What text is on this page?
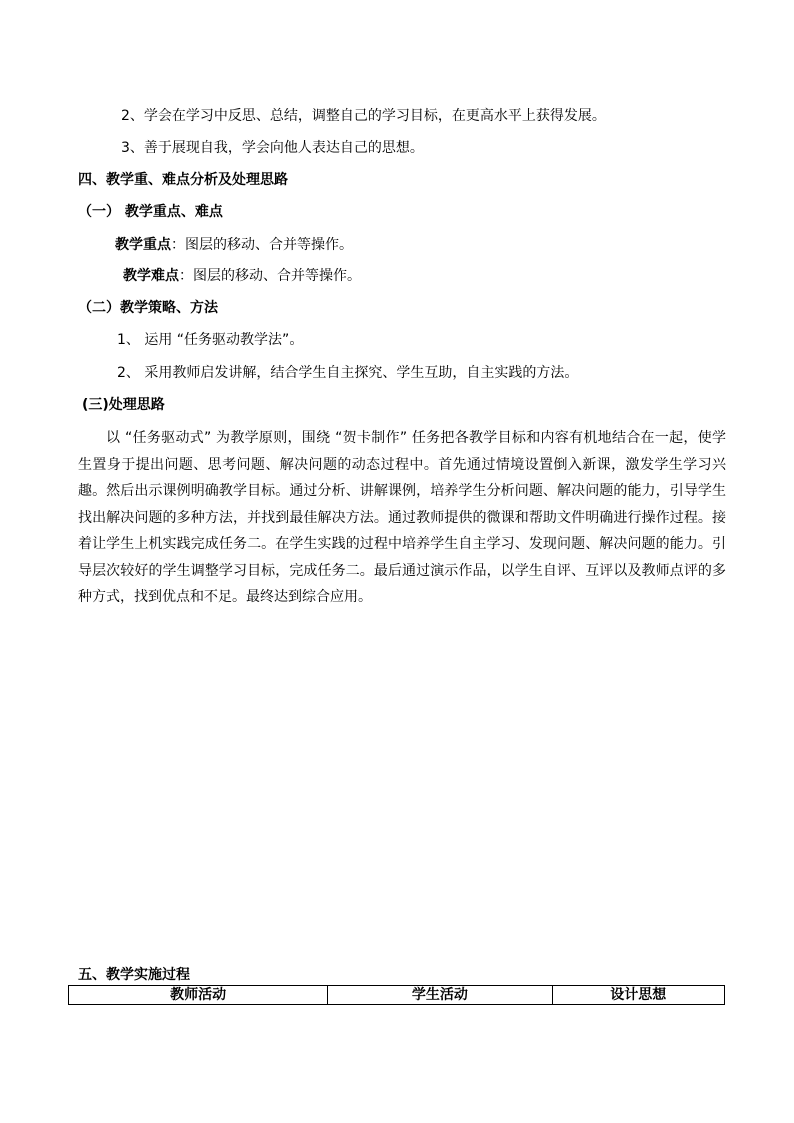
2、学会在学习中反思、总结，调整自己的学习目标，在更高水平上获得发展。
3、善于展现自我，学会向他人表达自己的思想。
四、教学重、难点分析及处理思路
（一） 教学重点、难点
教学重点：图层的移动、合并等操作。
教学难点：图层的移动、合并等操作。
（二）教学策略、方法
1、 运用 “任务驱动教学法”。
2、 采用教师启发讲解，结合学生自主探究、学生互助，自主实践的方法。
(三)处理思路
以 “任务驱动式” 为教学原则，围绕 “贺卡制作” 任务把各教学目标和内容有机地结合在一起，使学生置身于提出问题、思考问题、解决问题的动态过程中。首先通过情境设置倒入新课，激发学生学习兴趣。然后出示课例明确教学目标。通过分析、讲解课例，培养学生分析问题、解决问题的能力，引导学生找出解决问题的多种方法，并找到最佳解决方法。通过教师提供的微课和帮助文件明确进行操作过程。接着让学生上机实践完成任务二。在学生实践的过程中培养学生自主学习、发现问题、解决问题的能力。引导层次较好的学生调整学习目标，完成任务二。最后通过演示作品，以学生自评、互评以及教师点评的多种方式，找到优点和不足。最终达到综合应用。
五、教学实施过程
教师活动	学生活动	设计思想
